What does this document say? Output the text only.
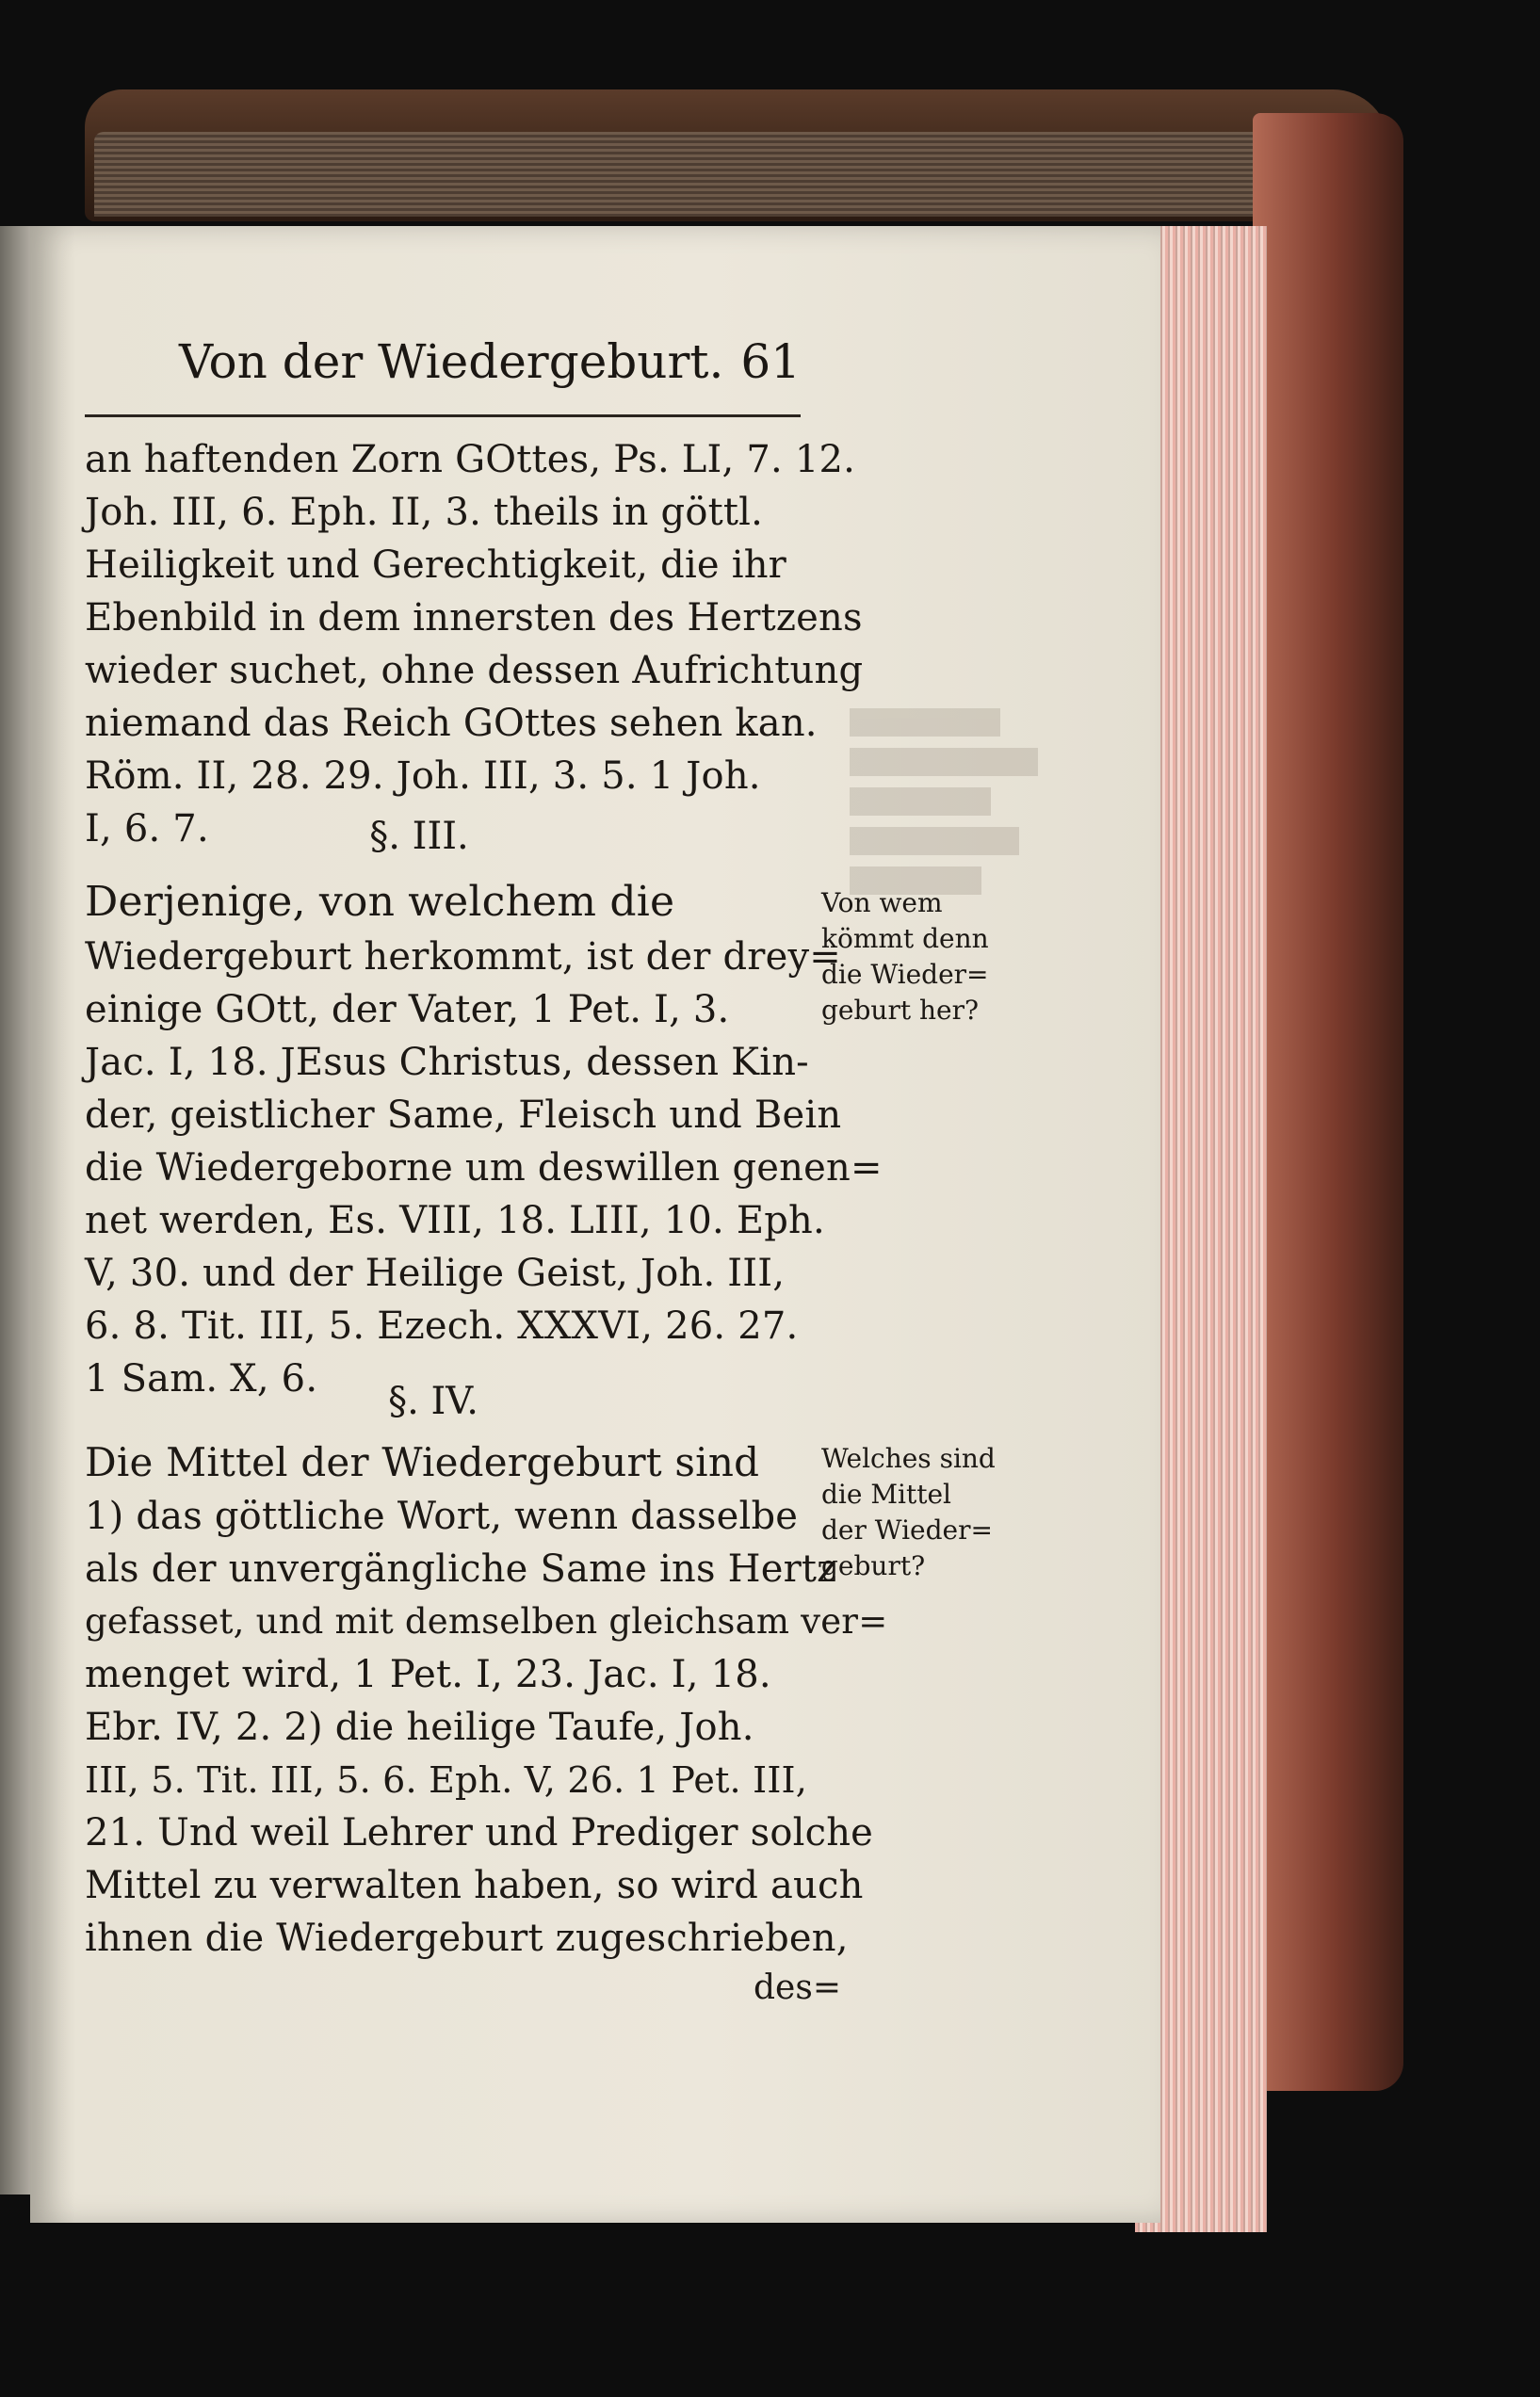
Von der Wiedergeburt. 61
an haftenden Zorn GOttes, Ps. LI, 7. 12.
Joh. III, 6. Eph. II, 3. theils in göttl.
Heiligkeit und Gerechtigkeit, die ihr
Ebenbild in dem innersten des Hertzens
wieder suchet, ohne dessen Aufrichtung
niemand das Reich GOttes sehen kan.
Röm. II, 28. 29. Joh. III, 3. 5. 1 Joh.
I, 6. 7.	§. III.
Derjenige, von welchem die
Wiedergeburt herkommt, ist der drey=
einige GOtt, der Vater, 1 Pet. I, 3.
Jac. I, 18. JEsus Christus, dessen Kin-
der, geistlicher Same, Fleisch und Bein
die Wiedergeborne um deswillen genen=
net werden, Es. VIII, 18. LIII, 10. Eph.
V, 30. und der Heilige Geist, Joh. III,
6. 8. Tit. III, 5. Ezech. XXXVI, 26. 27.
1 Sam. X, 6.
Von wem
kömmt denn
die Wieder=
geburt her?
§. IV.
Die Mittel der Wiedergeburt sind
1) das göttliche Wort, wenn dasselbe
als der unvergängliche Same ins Hertz
gefasset, und mit demselben gleichsam ver=
menget wird, 1 Pet. I, 23. Jac. I, 18.
Ebr. IV, 2. 2) die heilige Taufe, Joh.
III, 5. Tit. III, 5. 6. Eph. V, 26. 1 Pet. III,
21. Und weil Lehrer und Prediger solche
Mittel zu verwalten haben, so wird auch
ihnen die Wiedergeburt zugeschrieben,
Welches sind
die Mittel
der Wieder=
geburt?
des=
